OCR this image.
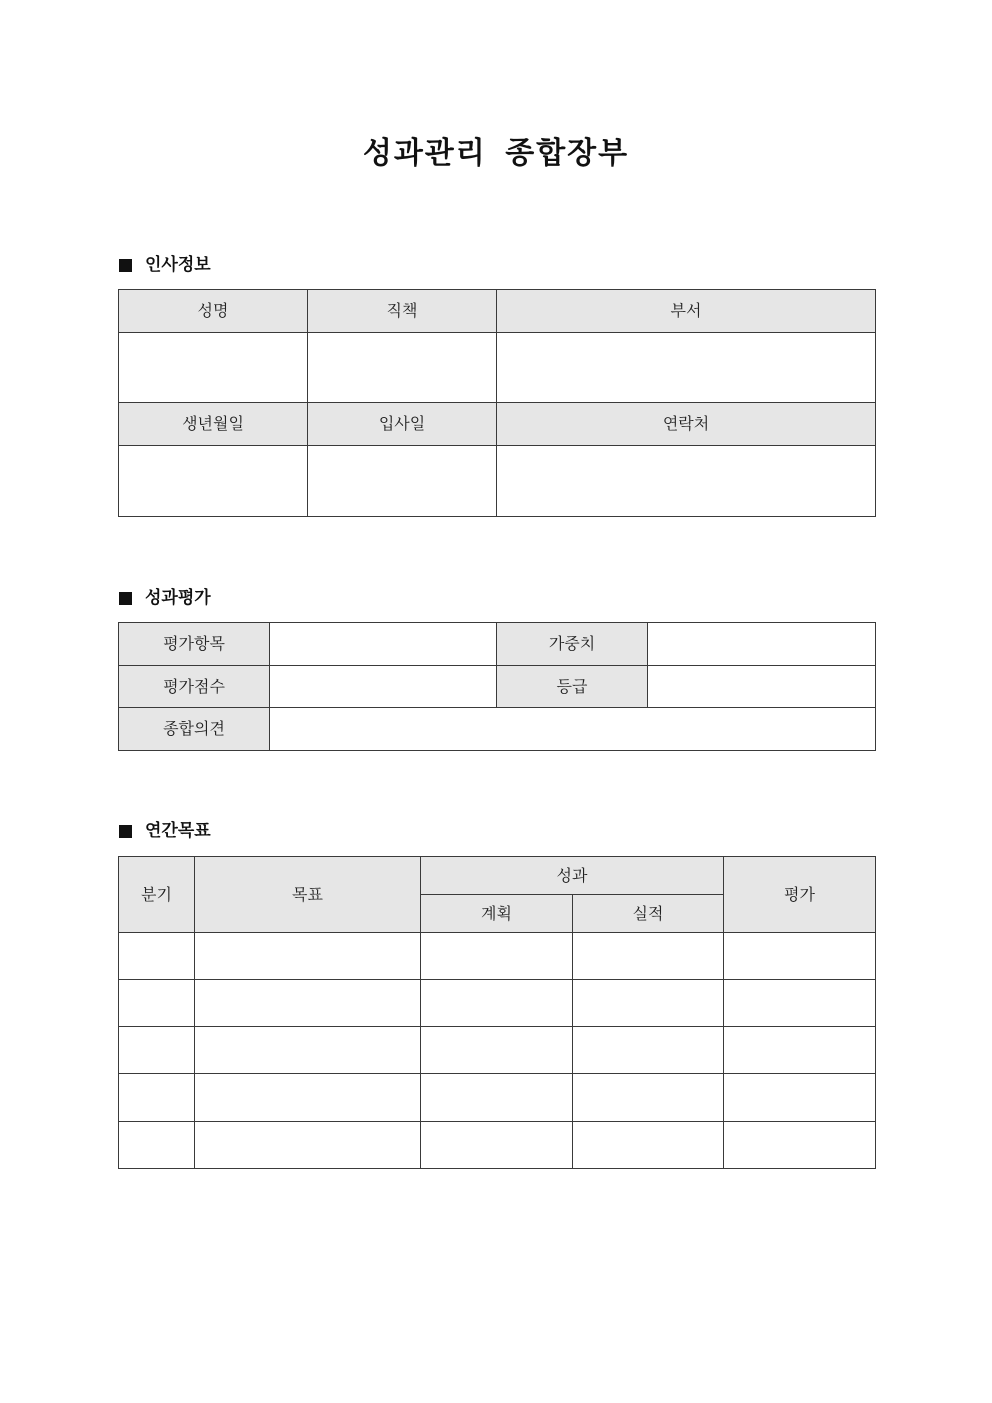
성과관리 종합장부
인사정보
성명	직책	부서

생년월일	입사일	연락처

성과평가
평가항목		가중치	
평가점수		등급	
종합의견			
연간목표
분기	목표	성과		평가
		계획	실적	
